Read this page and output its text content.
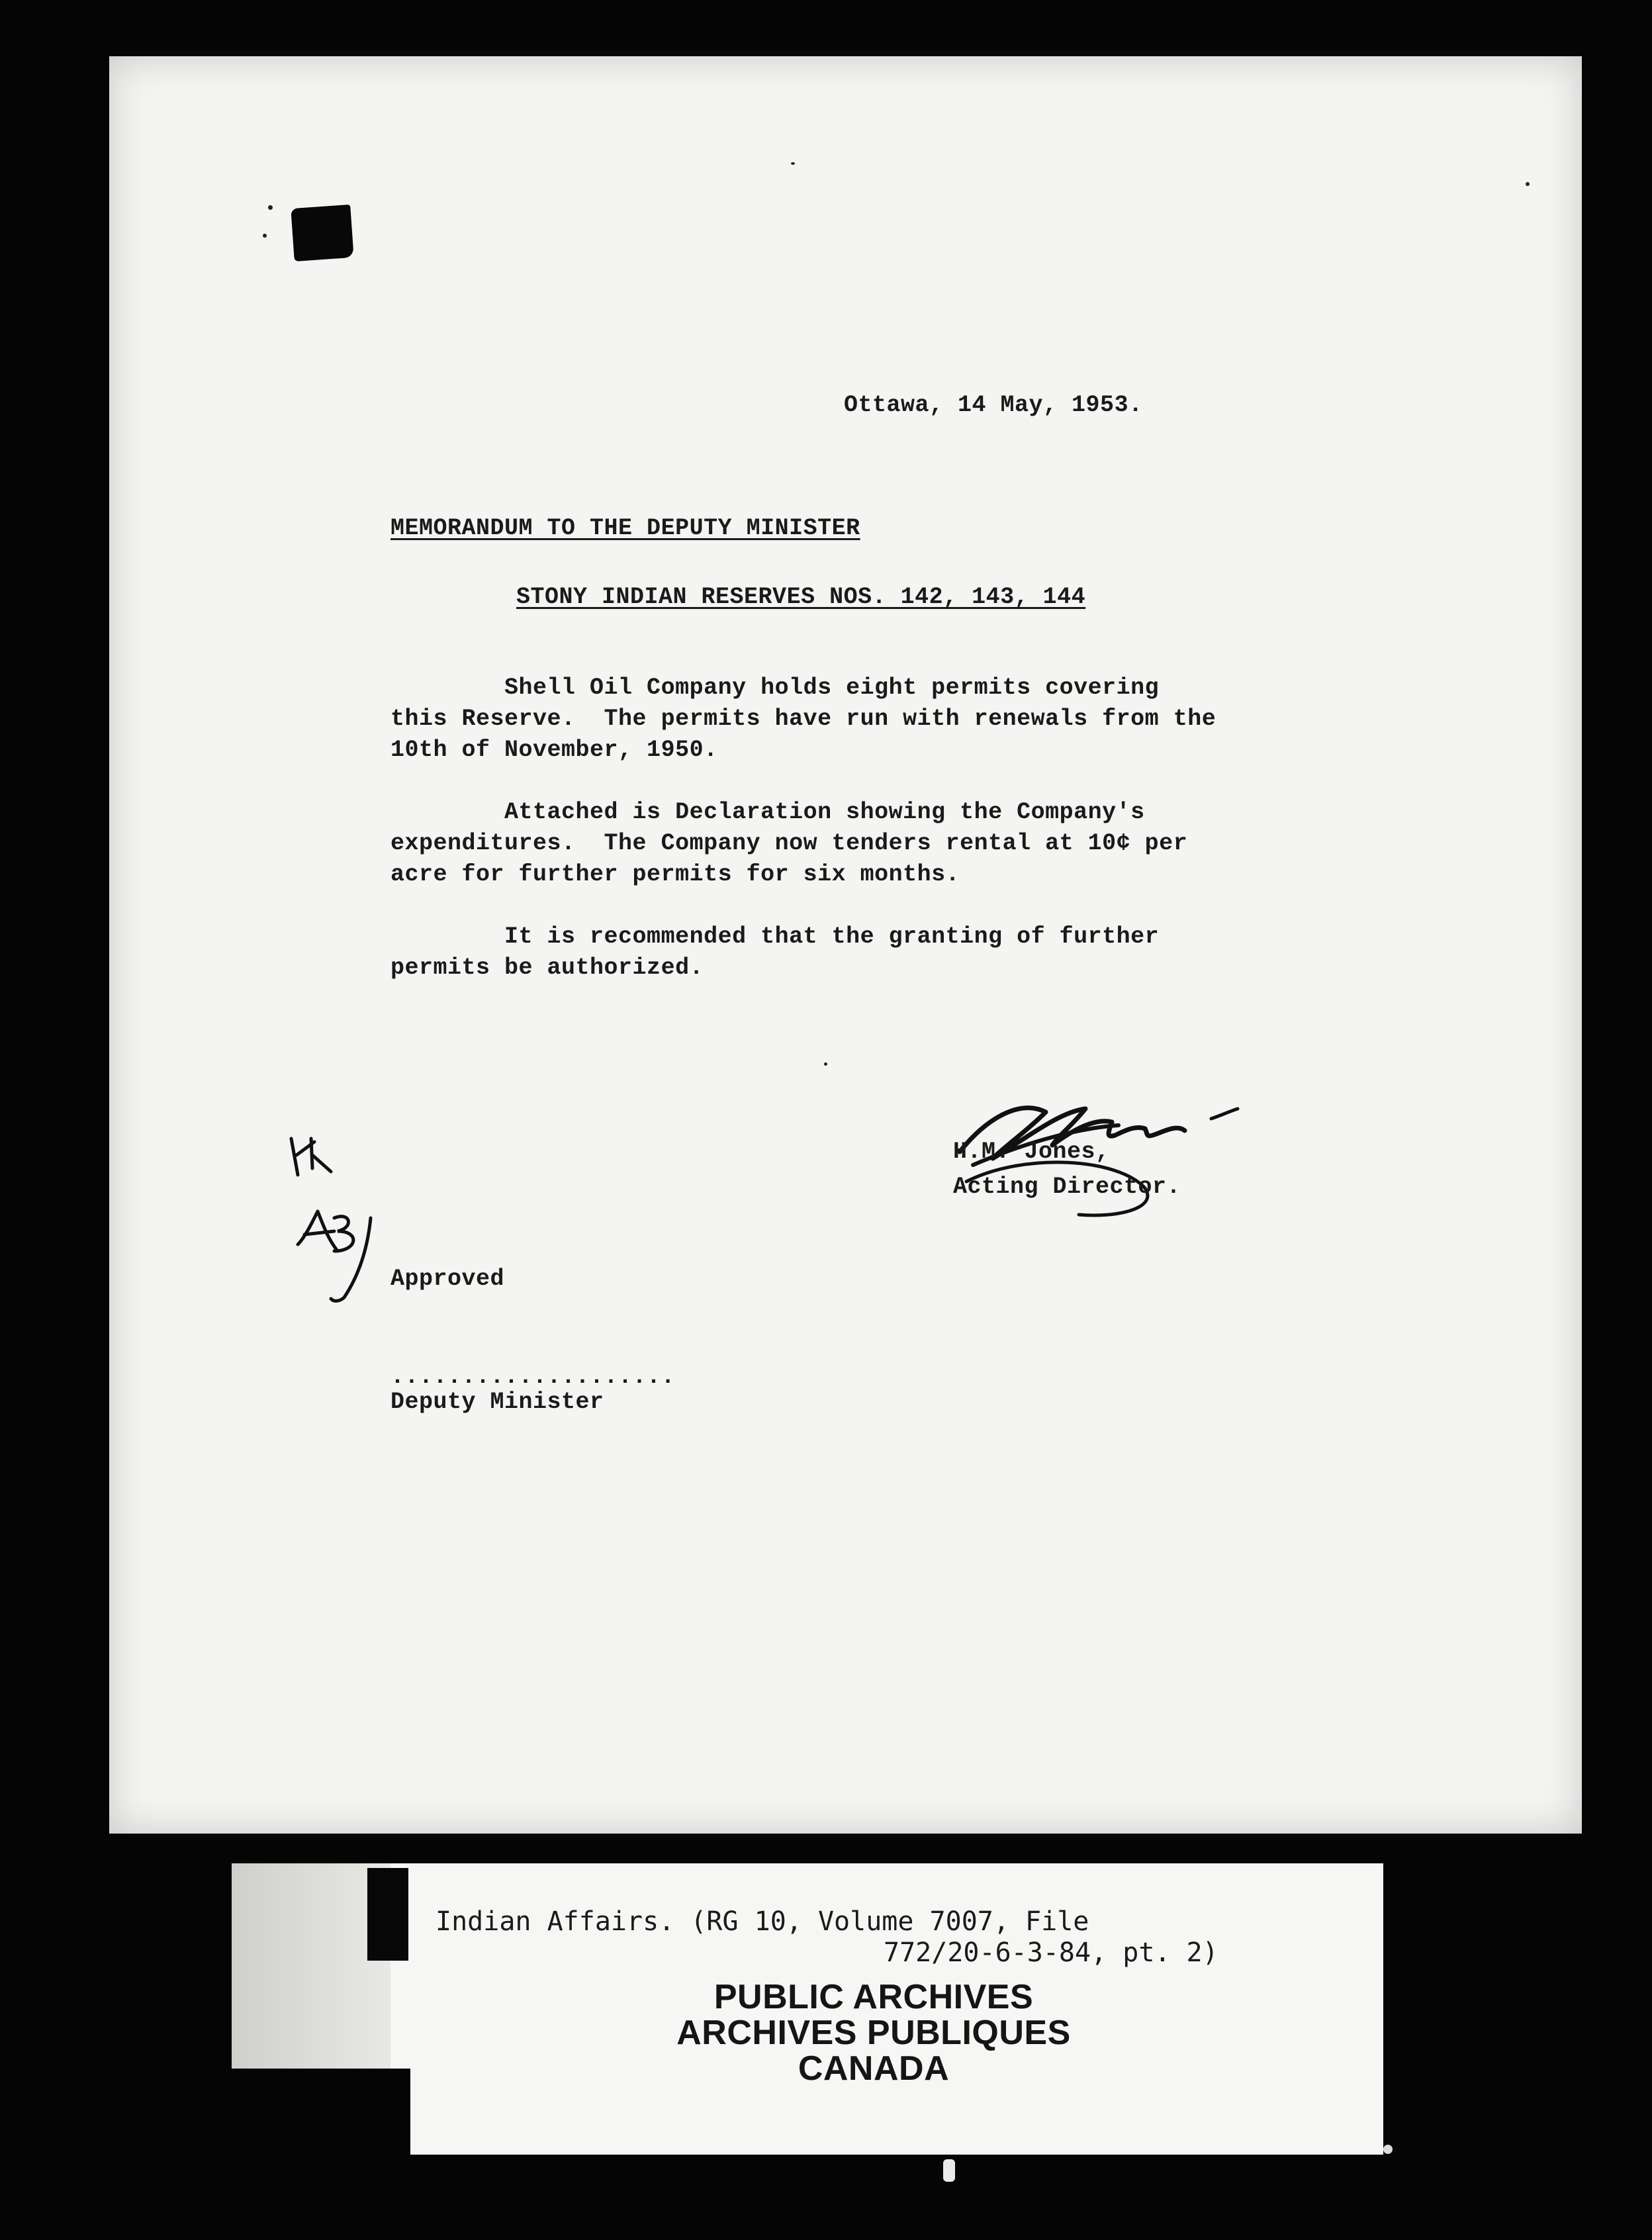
Ottawa, 14 May, 1953.
MEMORANDUM TO THE DEPUTY MINISTER
STONY INDIAN RESERVES NOS. 142, 143, 144
Shell Oil Company holds eight permits covering
this Reserve.  The permits have run with renewals from the
10th of November, 1950.
Attached is Declaration showing the Company's
expenditures.  The Company now tenders rental at 10¢ per
acre for further permits for six months.
It is recommended that the granting of further
permits be authorized.
H.M. Jones,
Acting Director.
Approved
....................
Deputy Minister
Indian Affairs. (RG 10, Volume 7007, File
772/20-6-3-84, pt. 2)
PUBLIC ARCHIVES
ARCHIVES PUBLIQUES
CANADA
